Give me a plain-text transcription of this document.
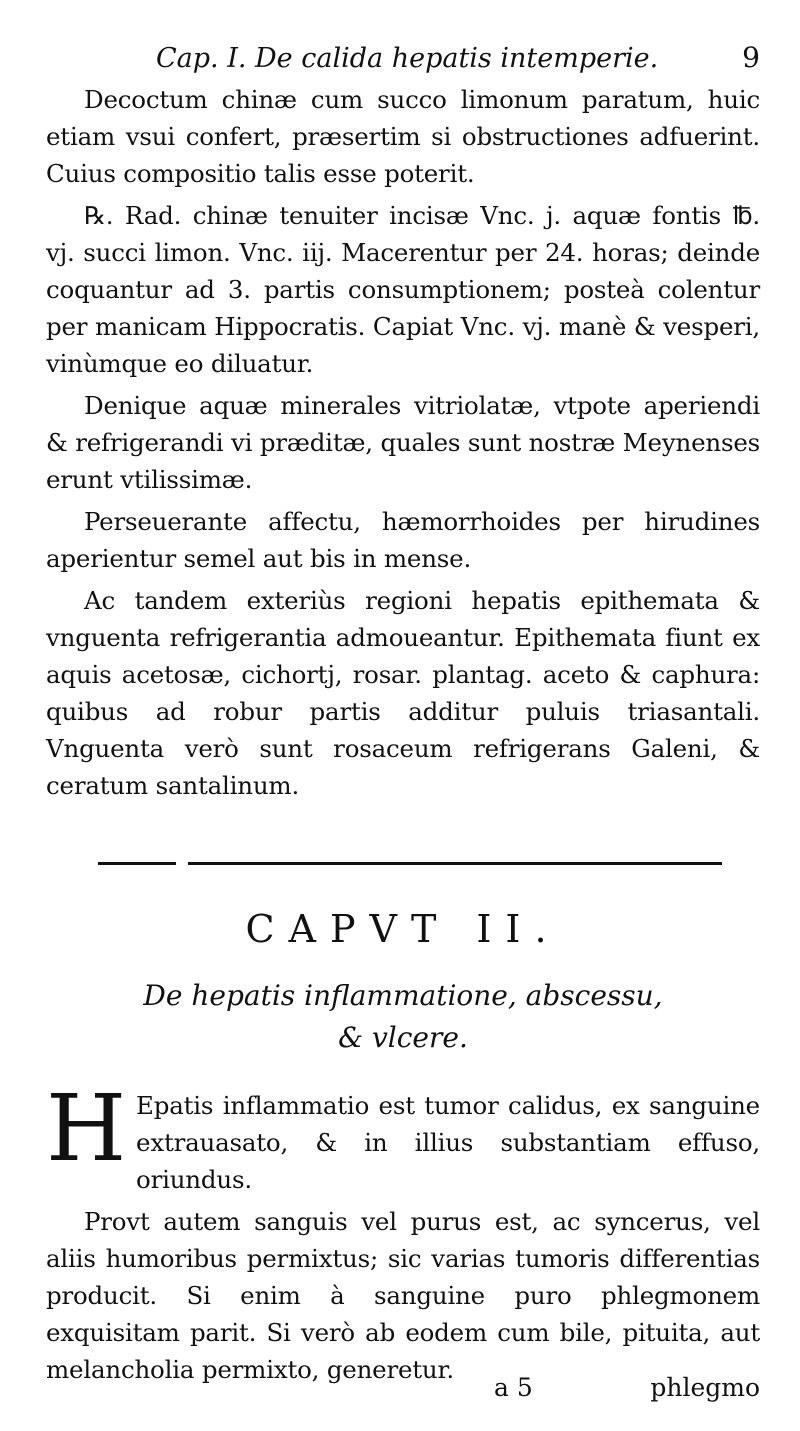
Cap. I. De calida hepatis intemperie.	9

Decoctum chinæ cum succo limonum paratum, huic etiam vsui confert, præsertim si obstructiones adfuerint. Cuius compositio talis esse poterit.

℞. Rad. chinæ tenuiter incisæ Vnc. j. aquæ fontis ℔. vj. succi limon. Vnc. iij. Macerentur per 24. horas; deinde coquantur ad 3. partis consumptionem; posteà colentur per manicam Hippocratis. Capiat Vnc. vj. manè & vesperi, vinùmque eo diluatur.

Denique aquæ minerales vitriolatæ, vtpote aperiendi & refrigerandi vi præditæ, quales sunt nostræ Meynenses erunt vtilissimæ.

Perseuerante affectu, hæmorrhoides per hirudines aperientur semel aut bis in mense.

Ac tandem exteriùs regioni hepatis epithemata & vnguenta refrigerantia admoueantur. Epithemata fiunt ex aquis acetosæ, cichortj, rosar. plantag. aceto & caphura: quibus ad robur partis additur puluis triasantali. Vnguenta verò sunt rosaceum refrigerans Galeni, & ceratum santalinum.

CAPVT II.
De hepatis inflammatione, abscessu,
& vlcere.

H Epatis inflammatio est tumor calidus, ex sanguine extrauasato, & in illius substantiam effuso, oriundus.

Provt autem sanguis vel purus est, ac syncerus, vel aliis humoribus permixtus; sic varias tumoris differentias producit. Si enim à sanguine puro phlegmonem exquisitam parit. Si verò ab eodem cum bile, pituita, aut melancholia permixto, generetur.

a 5	phlegmo
